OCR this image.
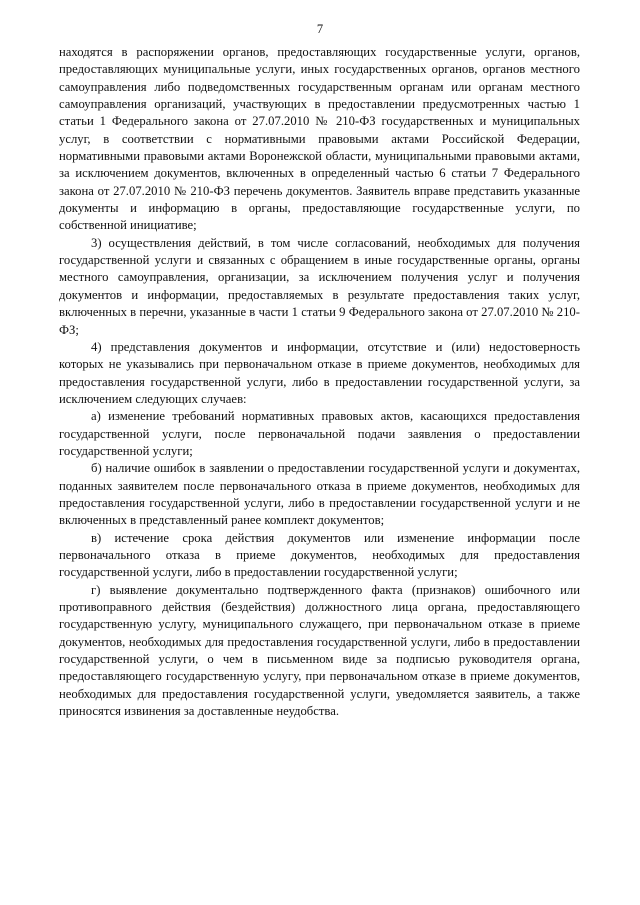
7

находятся в распоряжении органов, предоставляющих государственные услуги, органов, предоставляющих муниципальные услуги, иных государственных органов, органов местного самоуправления либо подведомственных государственным органам или органам местного самоуправления организаций, участвующих в предоставлении предусмотренных частью 1 статьи 1 Федерального закона от 27.07.2010 № 210-ФЗ государственных и муниципальных услуг, в соответствии с нормативными правовыми актами Российской Федерации, нормативными правовыми актами Воронежской области, муниципальными правовыми актами, за исключением документов, включенных в определенный частью 6 статьи 7 Федерального закона от 27.07.2010 № 210-ФЗ перечень документов. Заявитель вправе представить указанные документы и информацию в органы, предоставляющие государственные услуги, по собственной инициативе;

3) осуществления действий, в том числе согласований, необходимых для получения государственной услуги и связанных с обращением в иные государственные органы, органы местного самоуправления, организации, за исключением получения услуг и получения документов и информации, предоставляемых в результате предоставления таких услуг, включенных в перечни, указанные в части 1 статьи 9 Федерального закона от 27.07.2010 № 210-ФЗ;

4) представления документов и информации, отсутствие и (или) недостоверность которых не указывались при первоначальном отказе в приеме документов, необходимых для предоставления государственной услуги, либо в предоставлении государственной услуги, за исключением следующих случаев:

а) изменение требований нормативных правовых актов, касающихся предоставления государственной услуги, после первоначальной подачи заявления о предоставлении государственной услуги;

б) наличие ошибок в заявлении о предоставлении государственной услуги и документах, поданных заявителем после первоначального отказа в приеме документов, необходимых для предоставления государственной услуги, либо в предоставлении государственной услуги и не включенных в представленный ранее комплект документов;

в) истечение срока действия документов или изменение информации после первоначального отказа в приеме документов, необходимых для предоставления государственной услуги, либо в предоставлении государственной услуги;

г) выявление документально подтвержденного факта (признаков) ошибочного или противоправного действия (бездействия) должностного лица органа, предоставляющего государственную услугу, муниципального служащего, при первоначальном отказе в приеме документов, необходимых для предоставления государственной услуги, либо в предоставлении государственной услуги, о чем в письменном виде за подписью руководителя органа, предоставляющего государственную услугу, при первоначальном отказе в приеме документов, необходимых для предоставления государственной услуги, уведомляется заявитель, а также приносятся извинения за доставленные неудобства.
